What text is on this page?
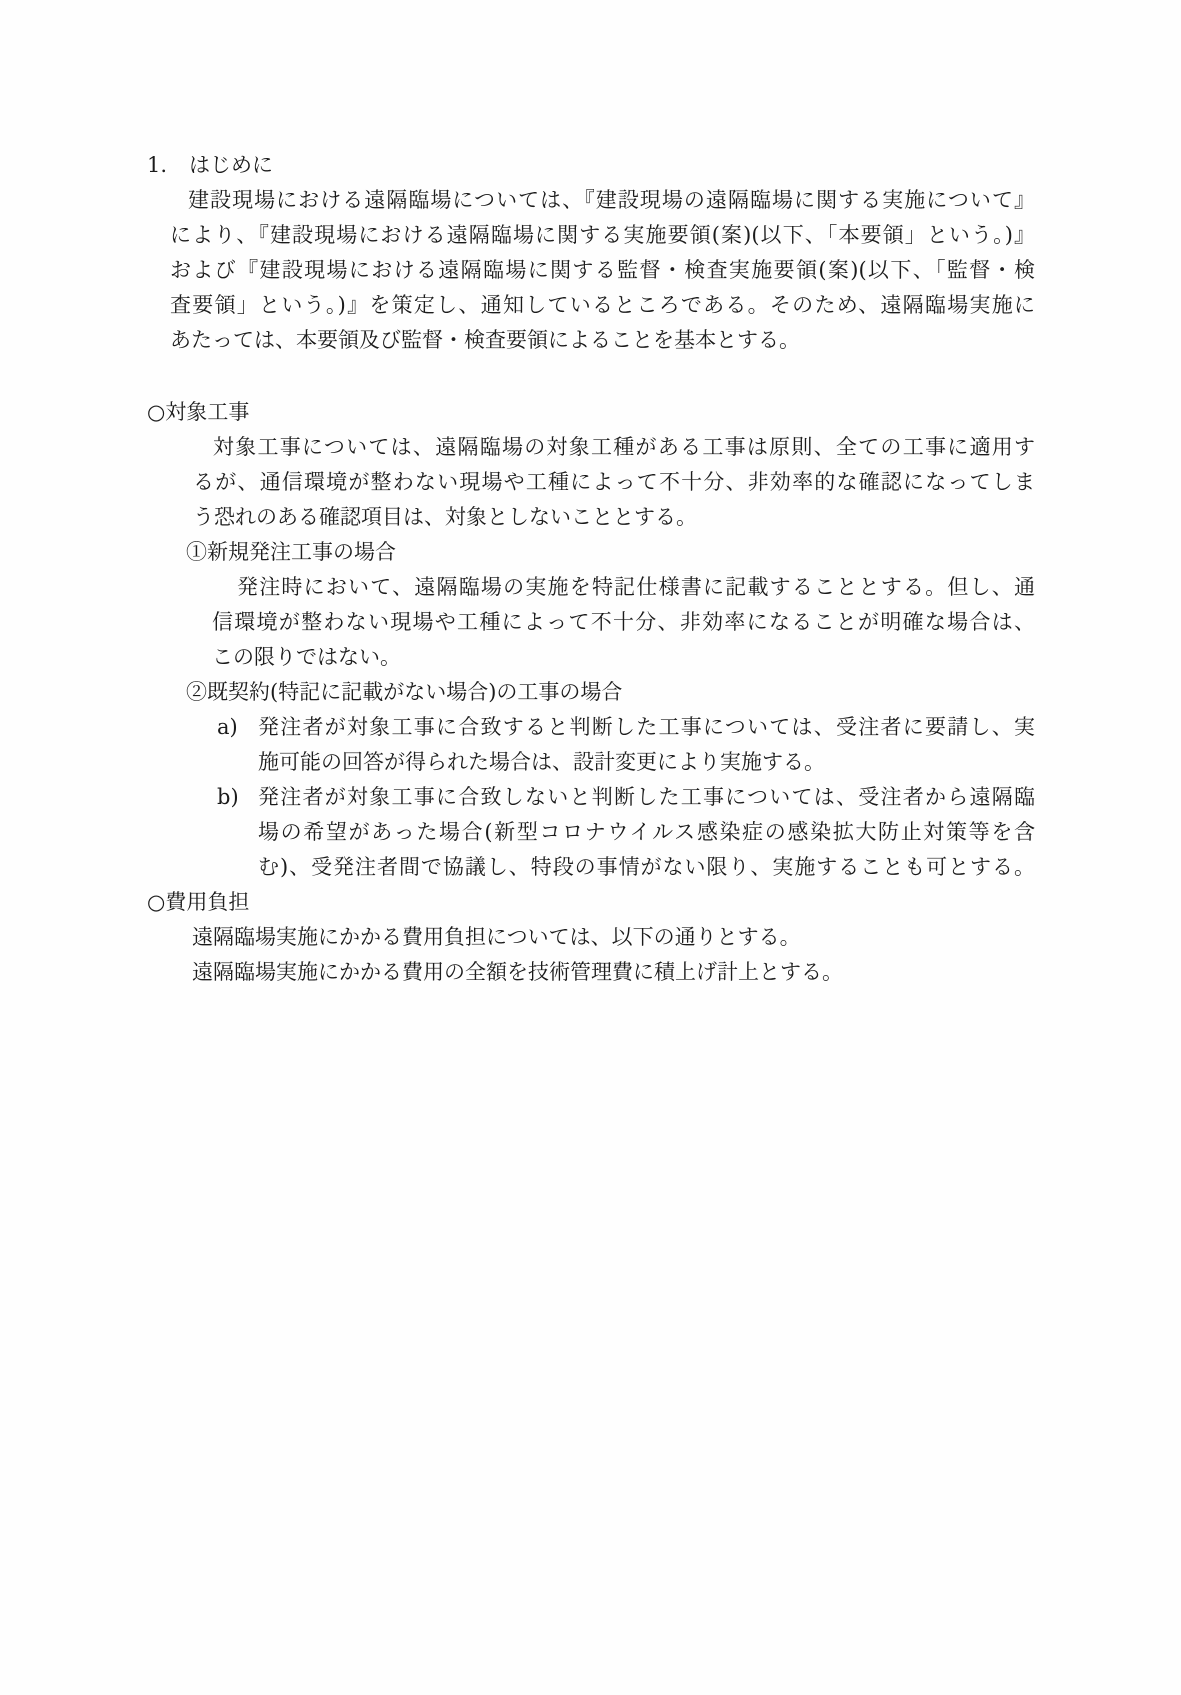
1. はじめに
建設現場における遠隔臨場については、『建設現場の遠隔臨場に関する実施について』
により、『建設現場における遠隔臨場に関する実施要領(案)(以下、「本要領」という。)』
および『建設現場における遠隔臨場に関する監督・検査実施要領(案)(以下、「監督・検
査要領」という。)』を策定し、通知しているところである。そのため、遠隔臨場実施に
あたっては、本要領及び監督・検査要領によることを基本とする。
○ 対象工事
対象工事については、遠隔臨場の対象工種がある工事は原則、全ての工事に適用す
るが、通信環境が整わない現場や工種によって不十分、非効率的な確認になってしま
う恐れのある確認項目は、対象としないこととする。
①新規発注工事の場合
発注時において、遠隔臨場の実施を特記仕様書に記載することとする。但し、通
信環境が整わない現場や工種によって不十分、非効率になることが明確な場合は、
この限りではない。
②既契約(特記に記載がない場合)の工事の場合
a) 発注者が対象工事に合致すると判断した工事については、受注者に要請し、実
施可能の回答が得られた場合は、設計変更により実施する。
b) 発注者が対象工事に合致しないと判断した工事については、受注者から遠隔臨
場の希望があった場合(新型コロナウイルス感染症の感染拡大防止対策等を含
む)、受発注者間で協議し、特段の事情がない限り、実施することも可とする。
○ 費用負担
遠隔臨場実施にかかる費用負担については、以下の通りとする。
遠隔臨場実施にかかる費用の全額を技術管理費に積上げ計上とする。
